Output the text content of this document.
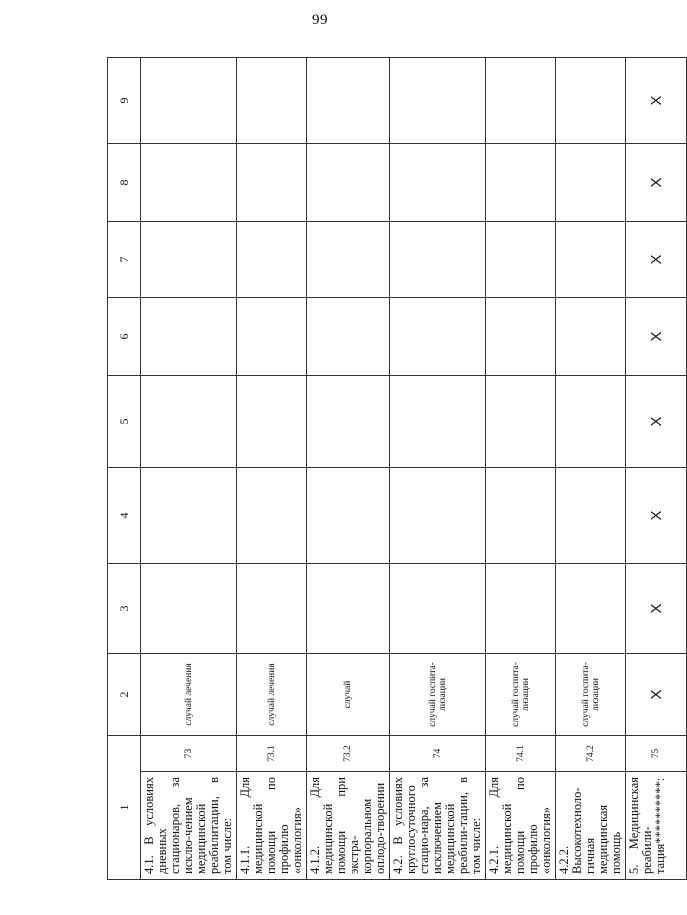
99
1		2	3	4	5	6	7	8	9
4.1. В условиях дневных стационаров, за исклю-чением медицинской реабилитации, в том числе:	73	случай лечения							
4.1.1. Для медицинской помощи по профилю «онкология»	73.1	случай лечения							
4.1.2. Для медицинской помощи при экстра-корпоральном оплодо-творении	73.2	случай							
4.2. В условиях круглосуточного стацио-нара, за исключением медицинской реабили-тации, в том числе:	74	случай госпита-лизации							
4.2.1. Для медицинской помощи по профилю «онкология»	74.1	случай госпита-лизации							
4.2.2. Высокотехноло-гичная медицинская помощь	74.2	случай госпита-лизации							
5. Медицинская реабили-тация**********:	75	X	X	X	X	X	X	X	X
